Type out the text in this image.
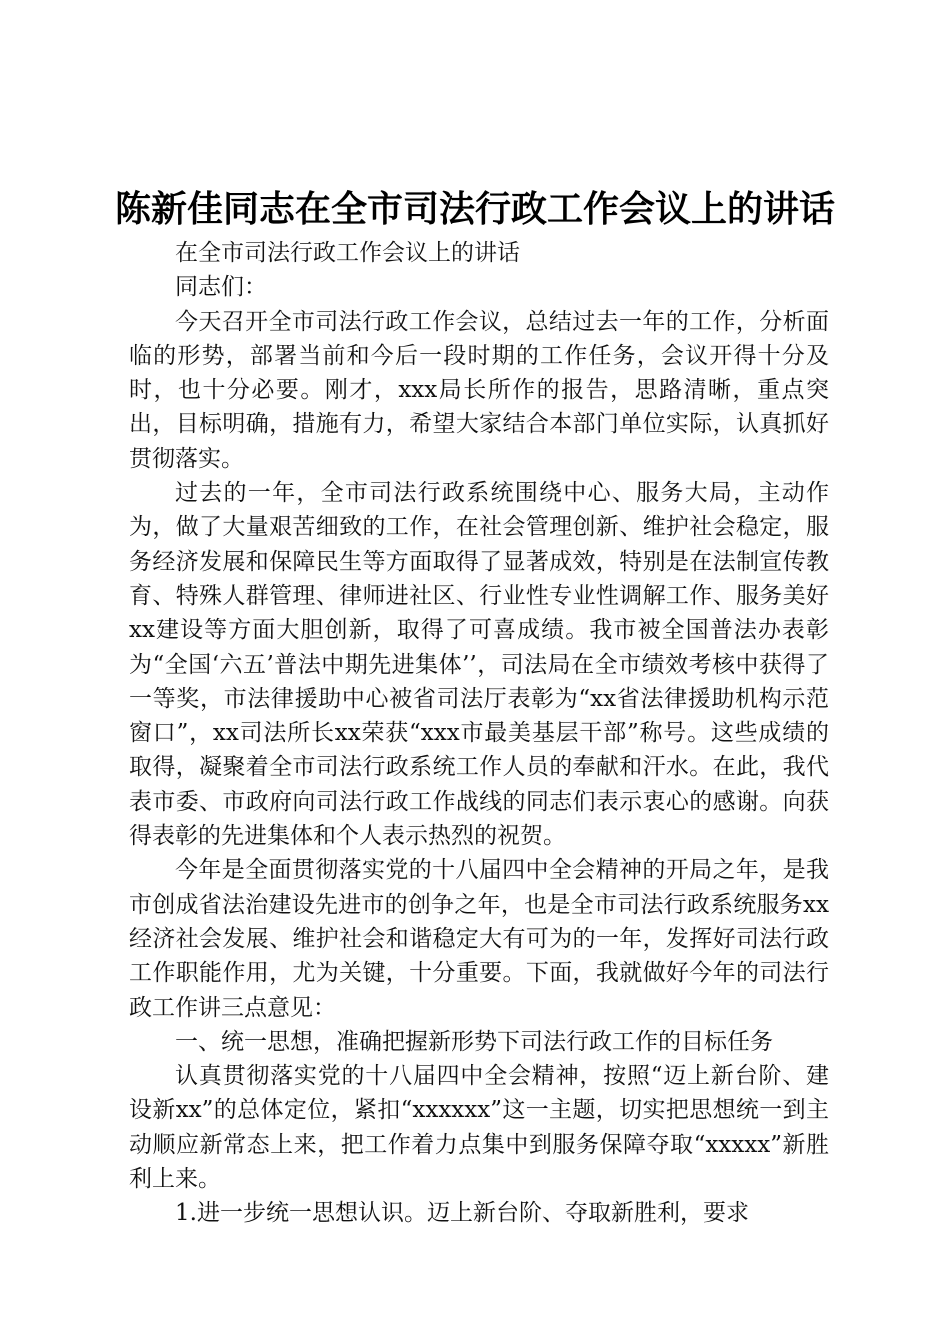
陈新佳同志在全市司法行政工作会议上的讲话

在全市司法行政工作会议上的讲话

同志们：

今天召开全市司法行政工作会议，总结过去一年的工作，分析面临的形势，部署当前和今后一段时期的工作任务，会议开得十分及时，也十分必要。刚才，xxx局长所作的报告，思路清晰，重点突出，目标明确，措施有力，希望大家结合本部门单位实际，认真抓好贯彻落实。

过去的一年，全市司法行政系统围绕中心、服务大局，主动作为，做了大量艰苦细致的工作，在社会管理创新、维护社会稳定，服务经济发展和保障民生等方面取得了显著成效，特别是在法制宣传教育、特殊人群管理、律师进社区、行业性专业性调解工作、服务美好xx建设等方面大胆创新，取得了可喜成绩。我市被全国普法办表彰为“全国‘六五’普法中期先进集体’’，司法局在全市绩效考核中获得了一等奖，市法律援助中心被省司法厅表彰为“xx省法律援助机构示范窗口”，xx司法所长xx荣获“xxx市最美基层干部”称号。这些成绩的取得，凝聚着全市司法行政系统工作人员的奉献和汗水。在此，我代表市委、市政府向司法行政工作战线的同志们表示衷心的感谢。向获得表彰的先进集体和个人表示热烈的祝贺。

今年是全面贯彻落实党的十八届四中全会精神的开局之年，是我市创成省法治建设先进市的创争之年，也是全市司法行政系统服务xx经济社会发展、维护社会和谐稳定大有可为的一年，发挥好司法行政工作职能作用，尤为关键，十分重要。下面，我就做好今年的司法行政工作讲三点意见：

一、统一思想，准确把握新形势下司法行政工作的目标任务

认真贯彻落实党的十八届四中全会精神，按照“迈上新台阶、建设新xx”的总体定位，紧扣“xxxxxx”这一主题，切实把思想统一到主动顺应新常态上来，把工作着力点集中到服务保障夺取“xxxxx”新胜利上来。

1.进一步统一思想认识。迈上新台阶、夺取新胜利，要求
